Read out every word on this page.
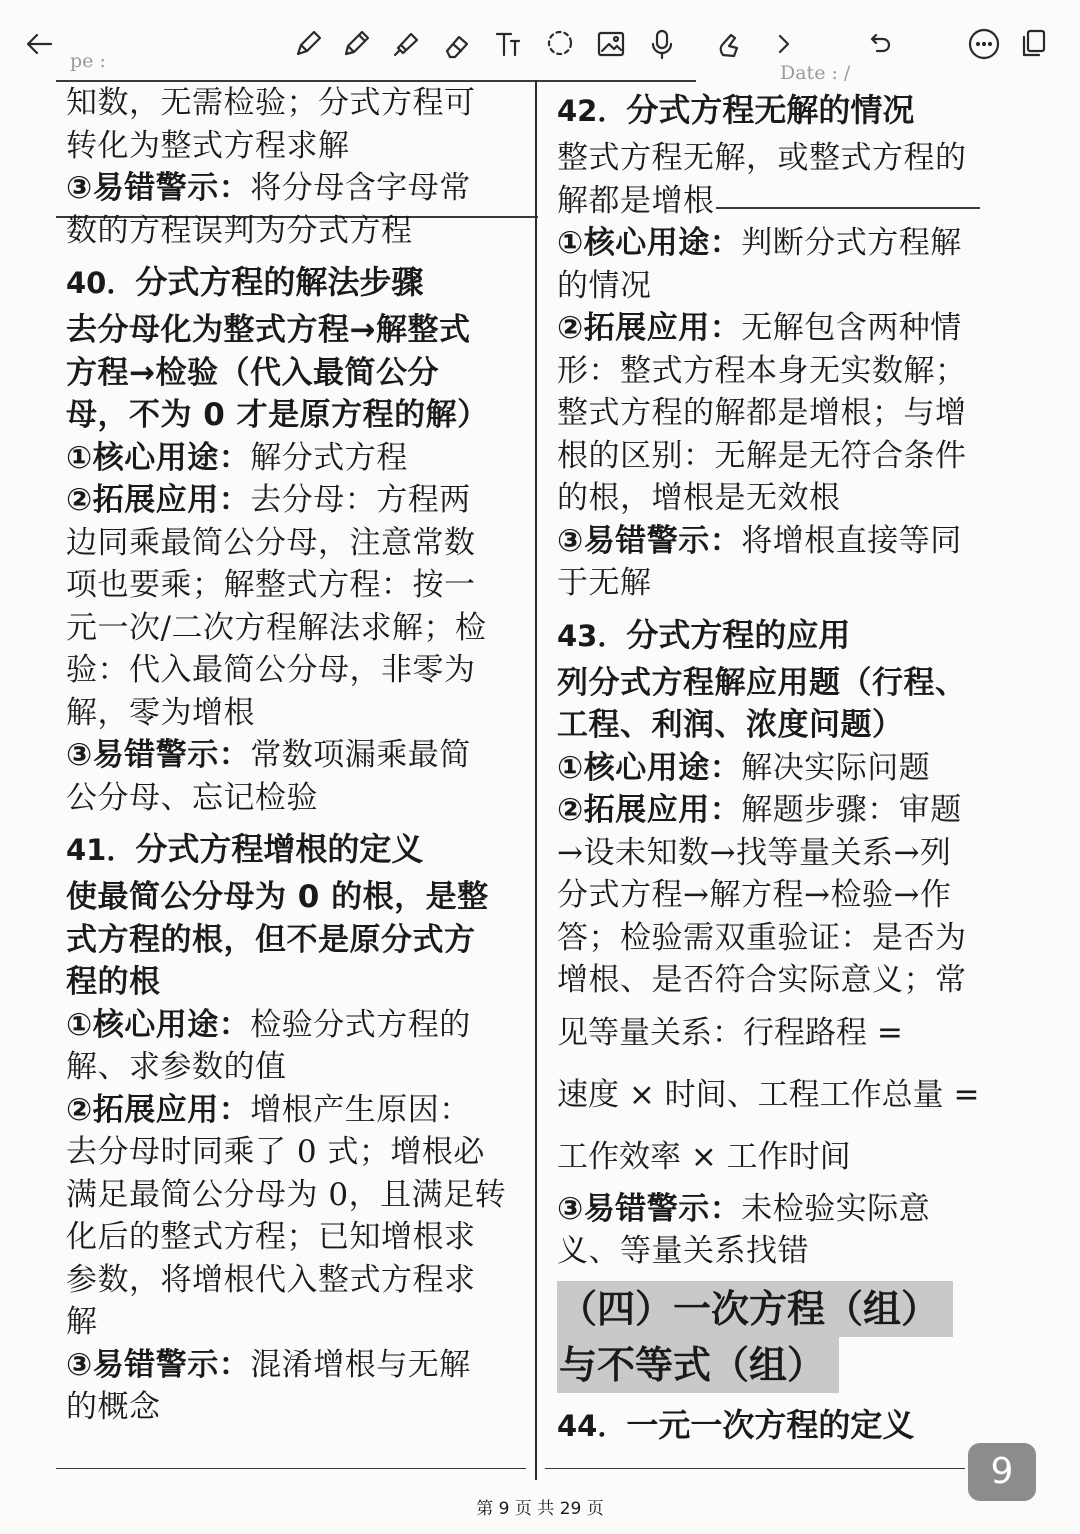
pe :
Date : /

知数，无需检验；分式方程可

转化为整式方程求解

③易错警示：将分母含字母常

数的方程误判为分式方程

40．分式方程的解法步骤

去分母化为整式方程→解整式

方程→检验（代入最简公分

母，不为 0 才是原方程的解）

①核心用途：解分式方程

②拓展应用：去分母：方程两

边同乘最简公分母，注意常数

项也要乘；解整式方程：按一

元一次/二次方程解法求解；检

验：代入最简公分母，非零为

解，零为增根

③易错警示：常数项漏乘最简

公分母、忘记检验

41．分式方程增根的定义

使最简公分母为 0 的根，是整

式方程的根，但不是原分式方

程的根

①核心用途：检验分式方程的

解、求参数的值

②拓展应用：增根产生原因：

去分母时同乘了 0 式；增根必

满足最简公分母为 0，且满足转

化后的整式方程；已知增根求

参数，将增根代入整式方程求

解

③易错警示：混淆增根与无解

的概念

42．分式方程无解的情况

整式方程无解，或整式方程的

解都是增根

①核心用途：判断分式方程解

的情况

②拓展应用：无解包含两种情

形：整式方程本身无实数解；

整式方程的解都是增根；与增

根的区别：无解是无符合条件

的根，增根是无效根

③易错警示：将增根直接等同

于无解

43．分式方程的应用

列分式方程解应用题（行程、

工程、利润、浓度问题）

①核心用途：解决实际问题

②拓展应用：解题步骤：审题

→设未知数→找等量关系→列

分式方程→解方程→检验→作

答；检验需双重验证：是否为

增根、是否符合实际意义；常

见等量关系：行程路程 =

速度 × 时间、工程工作总量 =

工作效率 × 工作时间

③易错警示：未检验实际意

义、等量关系找错

（四）一次方程（组）
与不等式（组）
44．一元一次方程的定义
9
第 9 页 共 29 页
